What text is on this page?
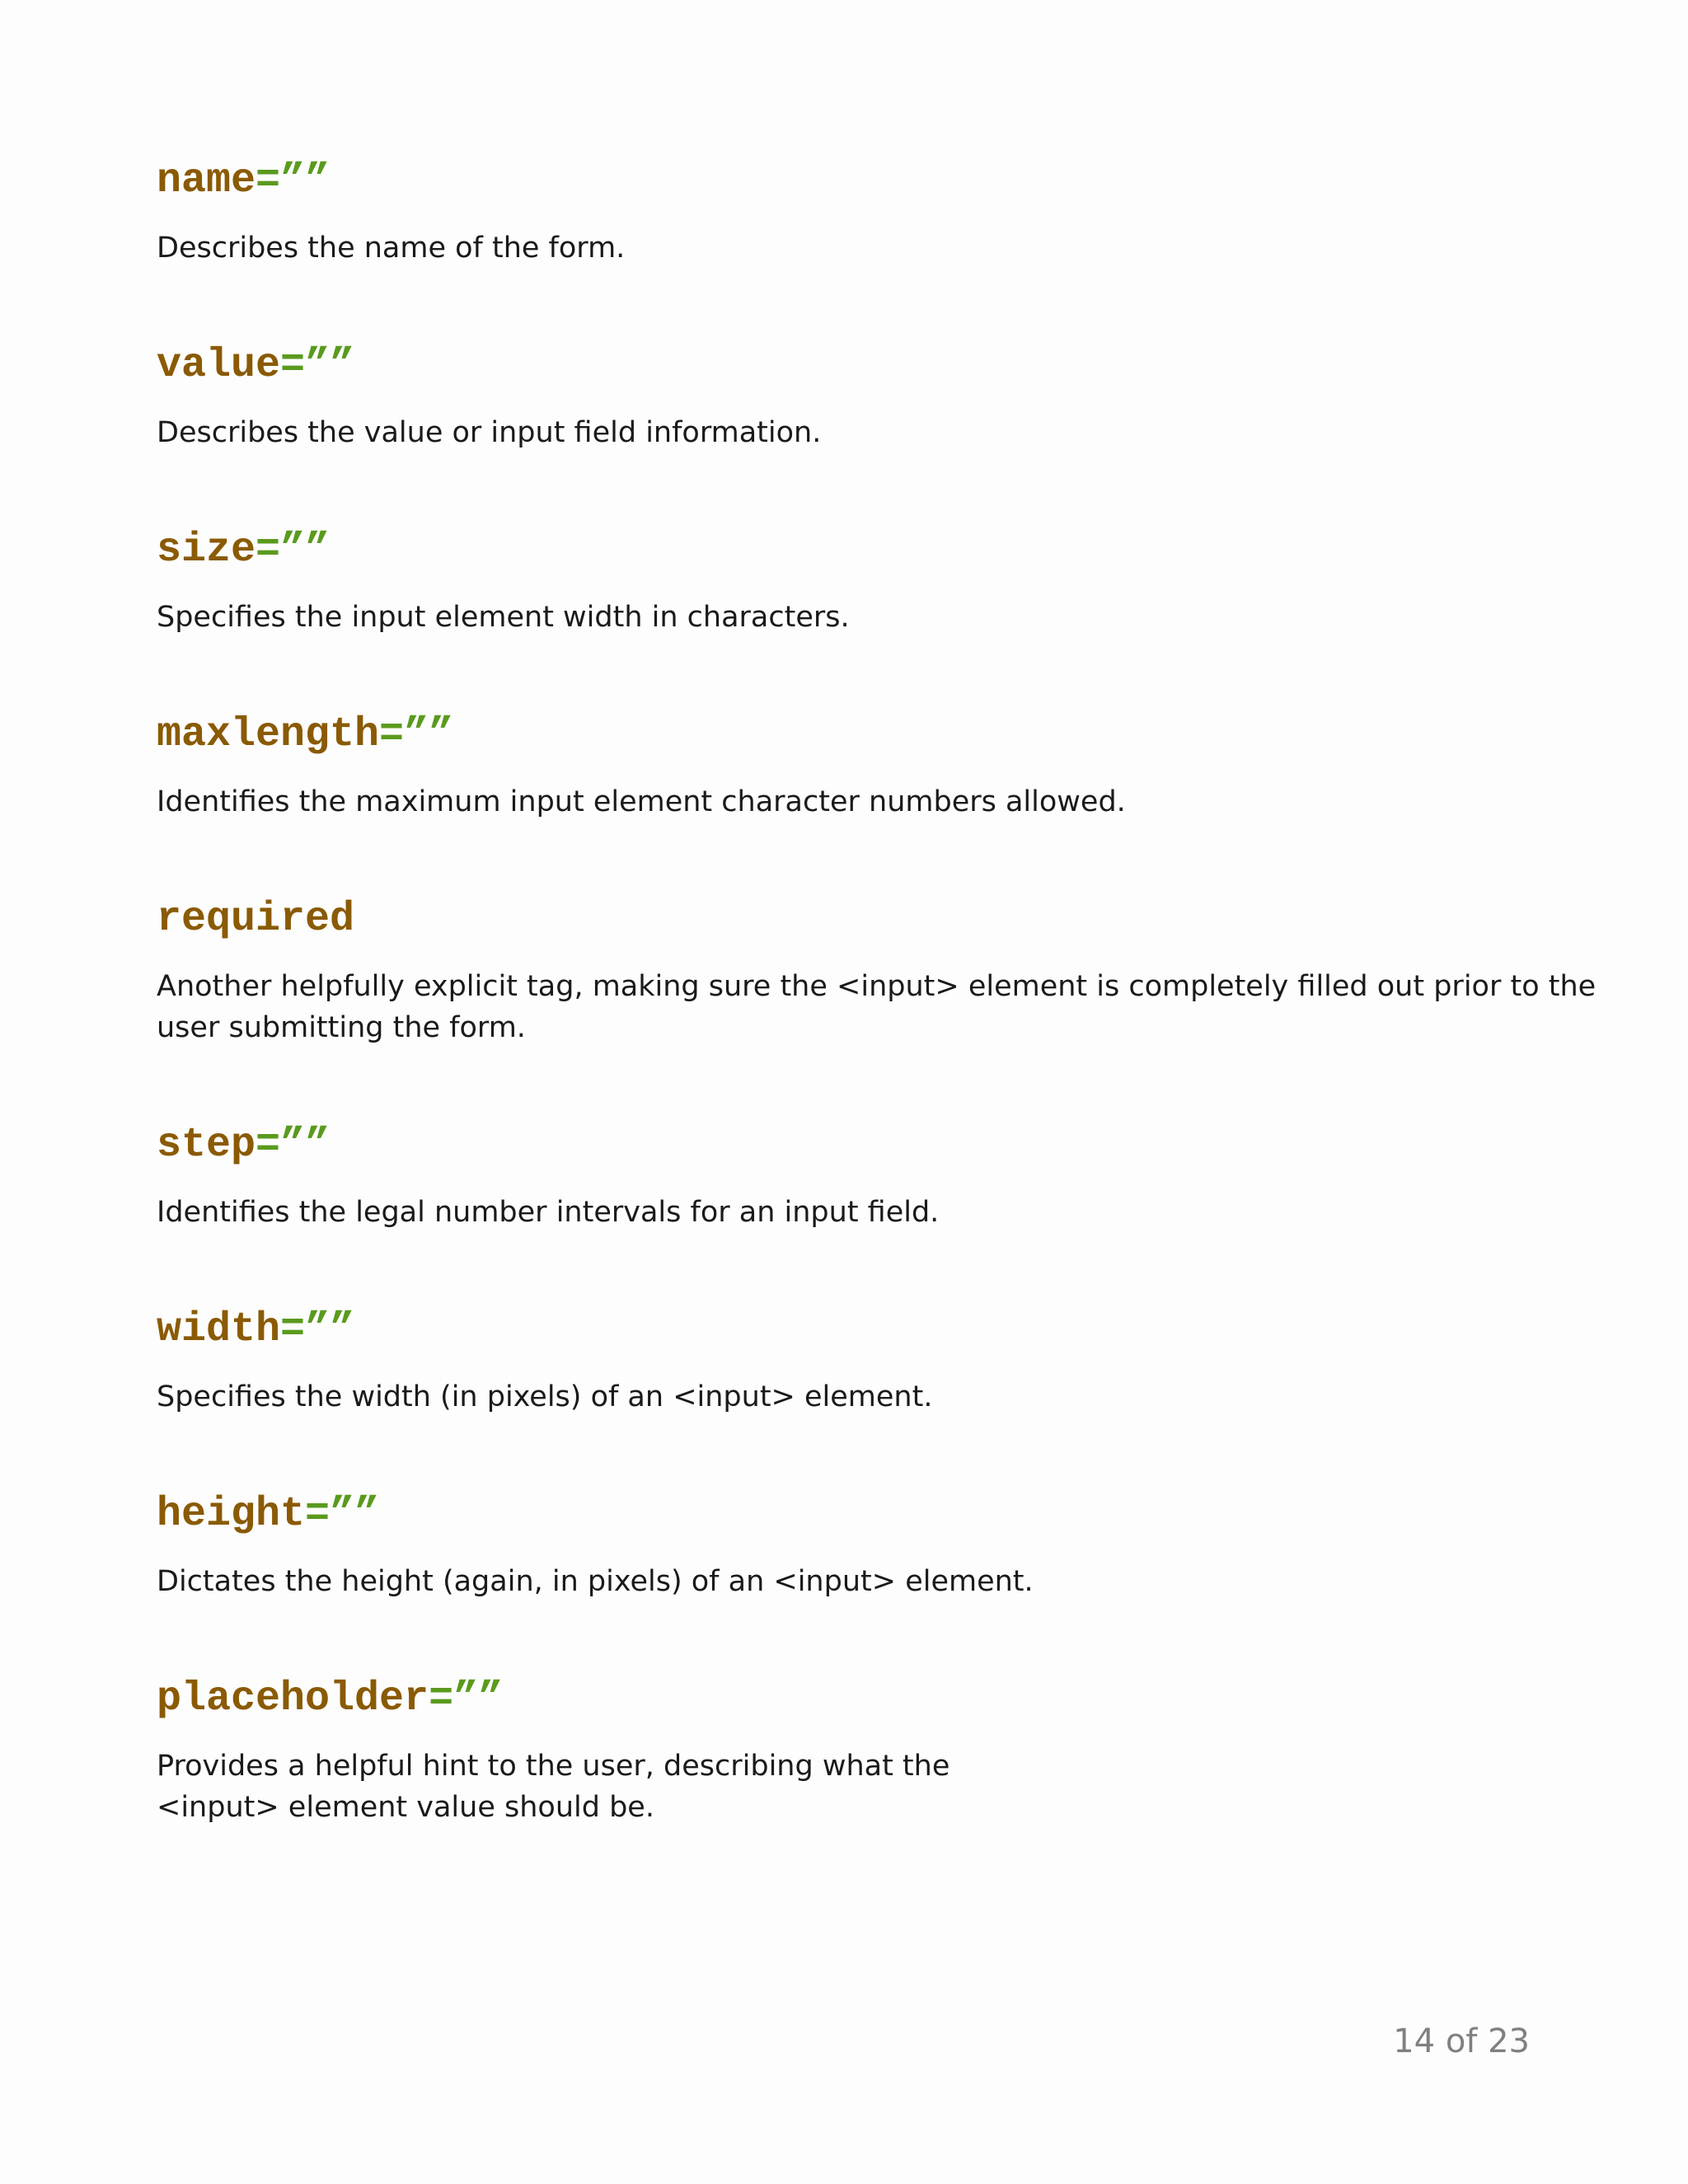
name=””
Describes the name of the form.
value=””
Describes the value or input field information.
size=””
Specifies the input element width in characters.
maxlength=””
Identifies the maximum input element character numbers allowed.
required
Another helpfully explicit tag, making sure the <input> element is completely filled out prior to the
user submitting the form.
step=””
Identifies the legal number intervals for an input field.
width=””
Specifies the width (in pixels) of an <input> element.
height=””
Dictates the height (again, in pixels) of an <input> element.
placeholder=””
Provides a helpful hint to the user, describing what the
<input> element value should be.
14 of 23
